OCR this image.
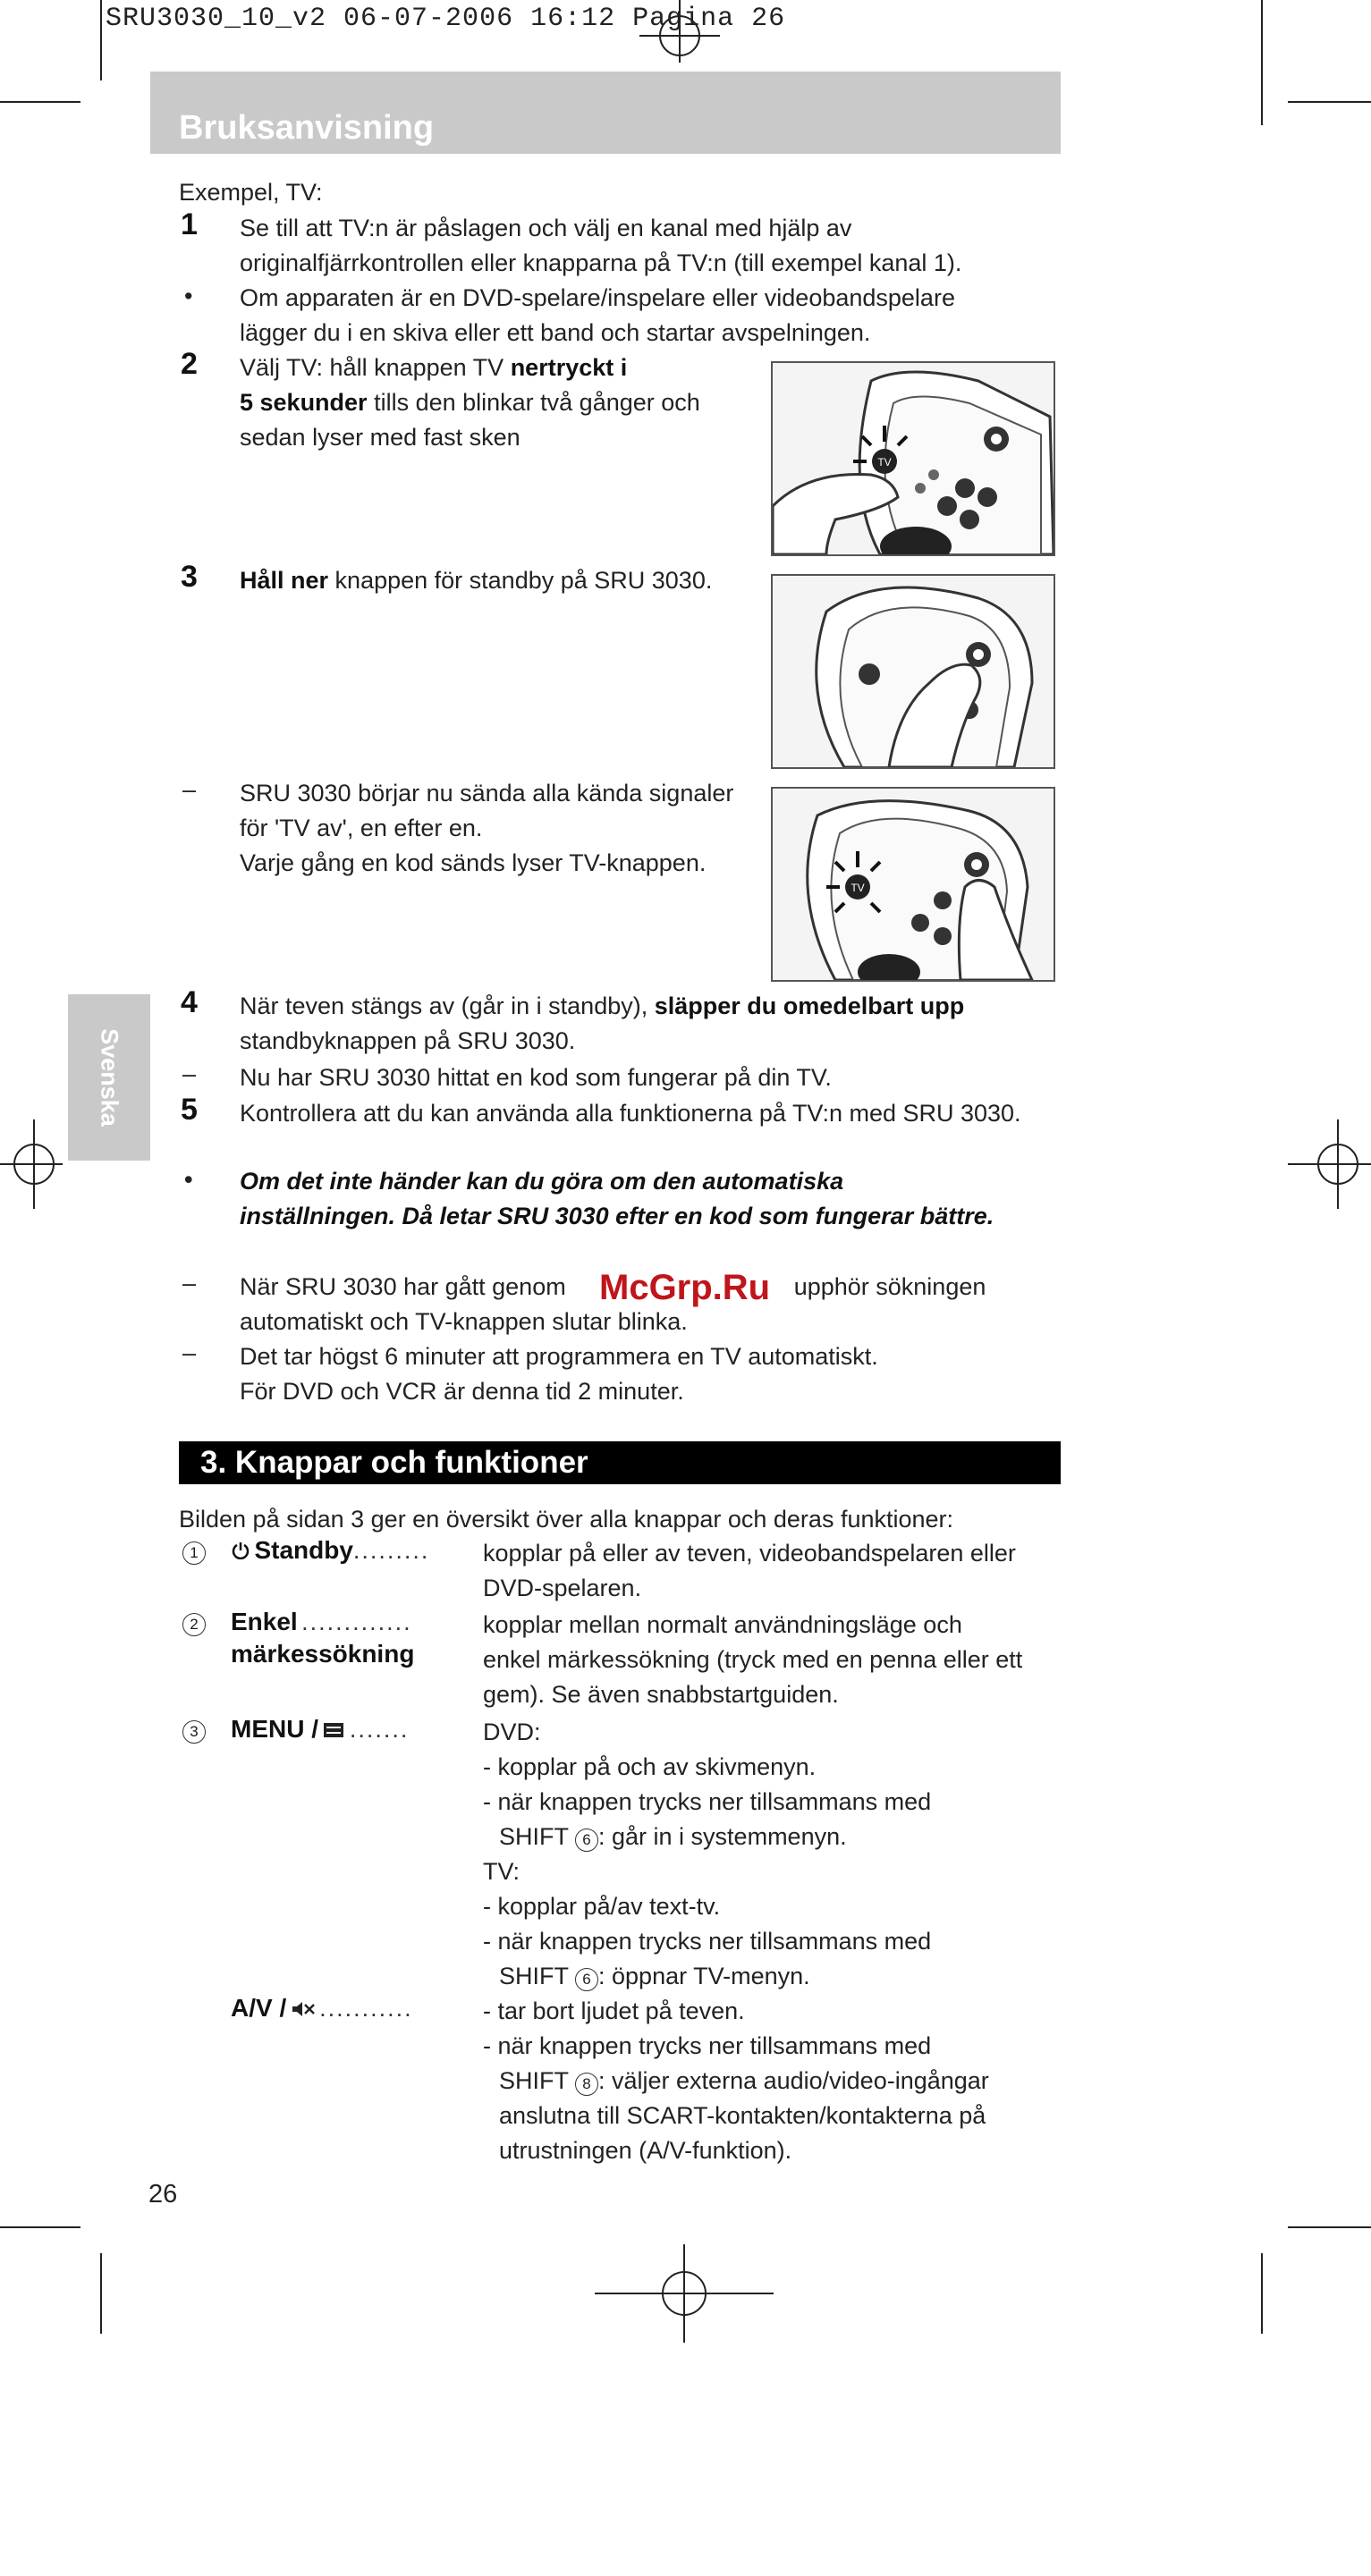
SRU3030_10_v2 06-07-2006 16:12 Pagina 26
Bruksanvisning
Svenska
Exempel, TV:
1 Se till att TV:n är påslagen och välj en kanal med hjälp av
originalfjärrkontrollen eller knapparna på TV:n (till exempel kanal 1).
• Om apparaten är en DVD-spelare/inspelare eller videobandspelare
lägger du i en skiva eller ett band och startar avspelningen.
2 Välj TV: håll knappen TV nertryckt i
5 sekunder tills den blinkar två gånger och
sedan lyser med fast sken
TV
3 Håll ner knappen för standby på SRU 3030.
– SRU 3030 börjar nu sända alla kända signaler
för 'TV av', en efter en.
Varje gång en kod sänds lyser TV-knappen.
TV
4 När teven stängs av (går in i standby), släpper du omedelbart upp
standbyknappen på SRU 3030.
– Nu har SRU 3030 hittat en kod som fungerar på din TV.
5 Kontrollera att du kan använda alla funktionerna på TV:n med SRU 3030.
• Om det inte händer kan du göra om den automatiska
inställningen. Då letar SRU 3030 efter en kod som fungerar bättre.
– När SRU 3030 har gått genom	upphör sökningen
automatiskt och TV-knappen slutar blinka.
McGrp.Ru
– Det tar högst 6 minuter att programmera en TV automatiskt.
För DVD och VCR är denna tid 2 minuter.
3. Knappar och funktioner
Bilden på sidan 3 ger en översikt över alla knappar och deras funktioner:
1	Standby......... kopplar på eller av teven, videobandspelaren eller
DVD-spelaren.
2 Enkel .............
märkessökning
kopplar mellan normalt användningsläge och
enkel märkessökning (tryck med en penna eller ett
gem). Se även snabbstartguiden.
3 MENU / .......	DVD:
- kopplar på och av skivmenyn.
- när knappen trycks ner tillsammans med
SHIFT 6 : går in i systemmenyn.
TV:
- kopplar på/av text-tv.
- när knappen trycks ner tillsammans med
SHIFT 6 : öppnar TV-menyn.
A/V / ...........	- tar bort ljudet på teven.
- när knappen trycks ner tillsammans med
SHIFT 8 : väljer externa audio/video-ingångar
anslutna till SCART-kontakten/kontakterna på
utrustningen (A/V-funktion).
26
